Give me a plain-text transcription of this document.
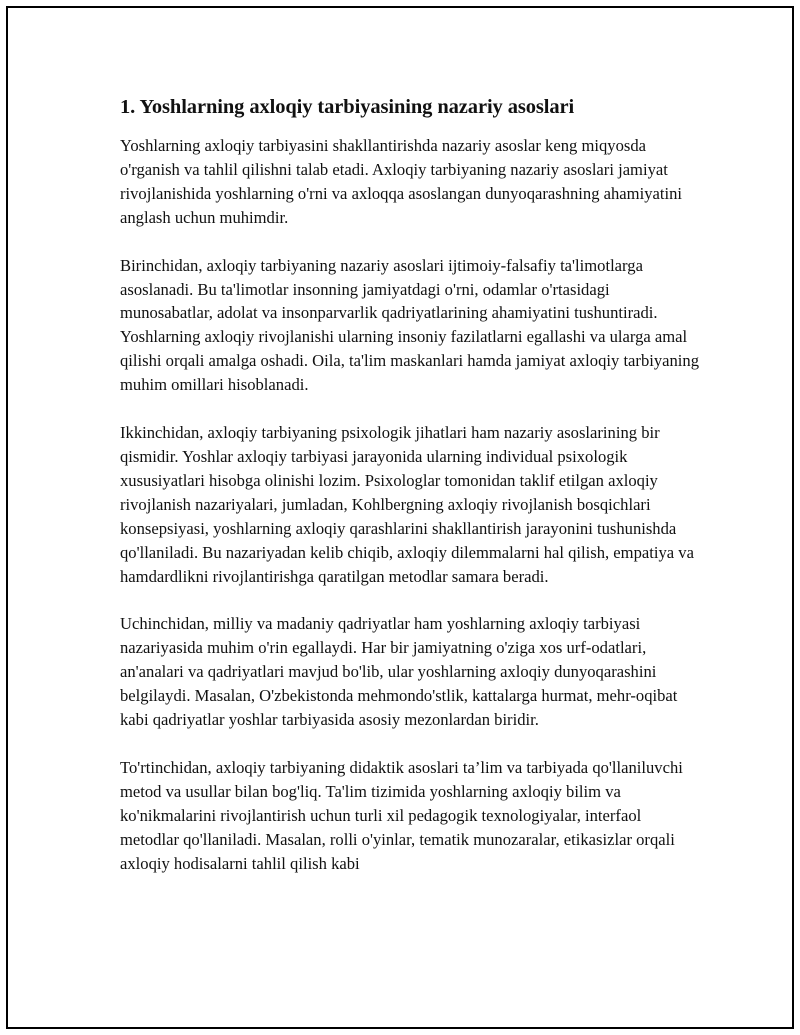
1. Yoshlarning axloqiy tarbiyasining nazariy asoslari

Yoshlarning axloqiy tarbiyasini shakllantirishda nazariy asoslar keng miqyosda o'rganish va tahlil qilishni talab etadi. Axloqiy tarbiyaning nazariy asoslari jamiyat rivojlanishida yoshlarning o'rni va axloqqa asoslangan dunyoqarashning ahamiyatini anglash uchun muhimdir.

Birinchidan, axloqiy tarbiyaning nazariy asoslari ijtimoiy-falsafiy ta'limotlarga asoslanadi. Bu ta'limotlar insonning jamiyatdagi o'rni, odamlar o'rtasidagi munosabatlar, adolat va insonparvarlik qadriyatlarining ahamiyatini tushuntiradi. Yoshlarning axloqiy rivojlanishi ularning insoniy fazilatlarni egallashi va ularga amal qilishi orqali amalga oshadi. Oila, ta'lim maskanlari hamda jamiyat axloqiy tarbiyaning muhim omillari hisoblanadi.

Ikkinchidan, axloqiy tarbiyaning psixologik jihatlari ham nazariy asoslarining bir qismidir. Yoshlar axloqiy tarbiyasi jarayonida ularning individual psixologik xususiyatlari hisobga olinishi lozim. Psixologlar tomonidan taklif etilgan axloqiy rivojlanish nazariyalari, jumladan, Kohlbergning axloqiy rivojlanish bosqichlari konsepsiyasi, yoshlarning axloqiy qarashlarini shakllantirish jarayonini tushunishda qo'llaniladi. Bu nazariyadan kelib chiqib, axloqiy dilemmalarni hal qilish, empatiya va hamdardlikni rivojlantirishga qaratilgan metodlar samara beradi.

Uchinchidan, milliy va madaniy qadriyatlar ham yoshlarning axloqiy tarbiyasi nazariyasida muhim o'rin egallaydi. Har bir jamiyatning o'ziga xos urf-odatlari, an'analari va qadriyatlari mavjud bo'lib, ular yoshlarning axloqiy dunyoqarashini belgilaydi. Masalan, O'zbekistonda mehmondo'stlik, kattalarga hurmat, mehr-oqibat kabi qadriyatlar yoshlar tarbiyasida asosiy mezonlardan biridir.

To'rtinchidan, axloqiy tarbiyaning didaktik asoslari ta’lim va tarbiyada qo'llaniluvchi metod va usullar bilan bog'liq. Ta'lim tizimida yoshlarning axloqiy bilim va ko'nikmalarini rivojlantirish uchun turli xil pedagogik texnologiyalar, interfaol metodlar qo'llaniladi. Masalan, rolli o'yinlar, tematik munozaralar, etikasizlar orqali axloqiy hodisalarni tahlil qilish kabi
